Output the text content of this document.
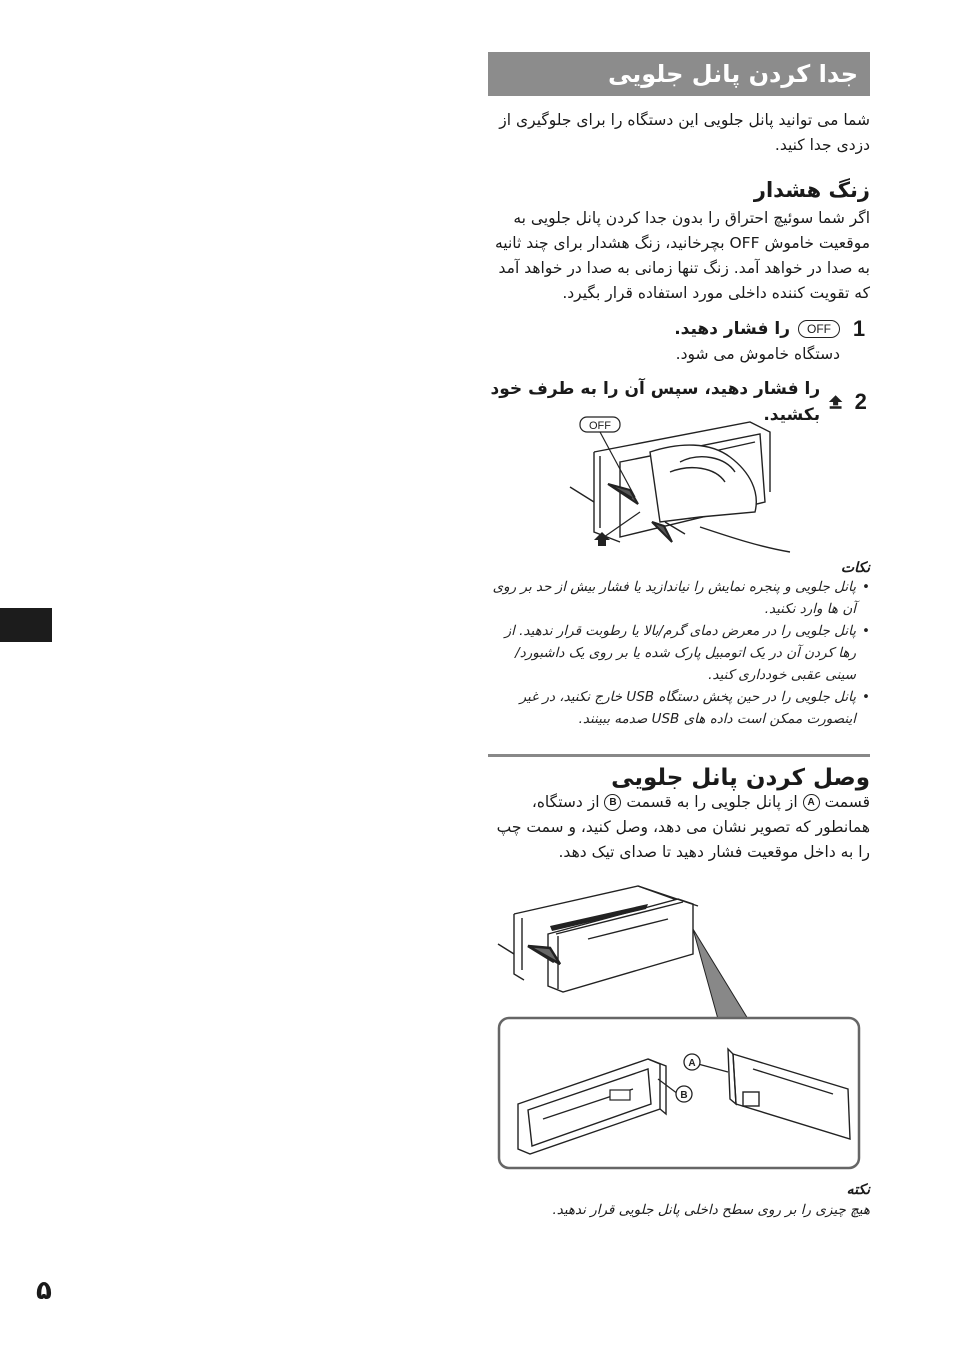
جدا کردن پانل جلویی
شما می توانید پانل جلویی این دستگاه را برای جلوگیری از دزدی جدا کنید.
زنگ هشدار
اگر شما سوئیچ احتراق را بدون جدا کردن پانل جلویی به موقعیت خاموش OFF بچرخانید، زنگ هشدار برای چند ثانیه به صدا در خواهد آمد. زنگ تنها زمانی به صدا در خواهد آمد که تقویت کننده داخلی مورد استفاده قرار بگیرد.
1
OFF
را فشار دهید.
دستگاه خاموش می شود.
2
را فشار دهید، سپس آن را به طرف خود بکشید.
OFF
نکات
• پانل جلویی و پنجره نمایش را نیاندازید یا فشار بیش از حد بر روی آن ها وارد نکنید.
• پانل جلویی را در معرض دمای گرم/بالا یا رطوبت قرار ندهید. از رها کردن آن در یک اتومبیل پارک شده یا بر روی یک داشبورد/سینی عقبی خودداری کنید.
• پانل جلویی را در حین پخش دستگاه USB خارج نکنید، در غیر اینصورت ممکن است داده های USB صدمه ببینند.
وصل کردن پانل جلویی
قسمت A از پانل جلویی را به قسمت B از دستگاه، همانطور که تصویر نشان می دهد، وصل کنید، و سمت چپ را به داخل موقعیت فشار دهید تا صدای تیک دهد.
A
B
نکته
هیچ چیزی را بر روی سطح داخلی پانل جلویی قرار ندهید.
۵
